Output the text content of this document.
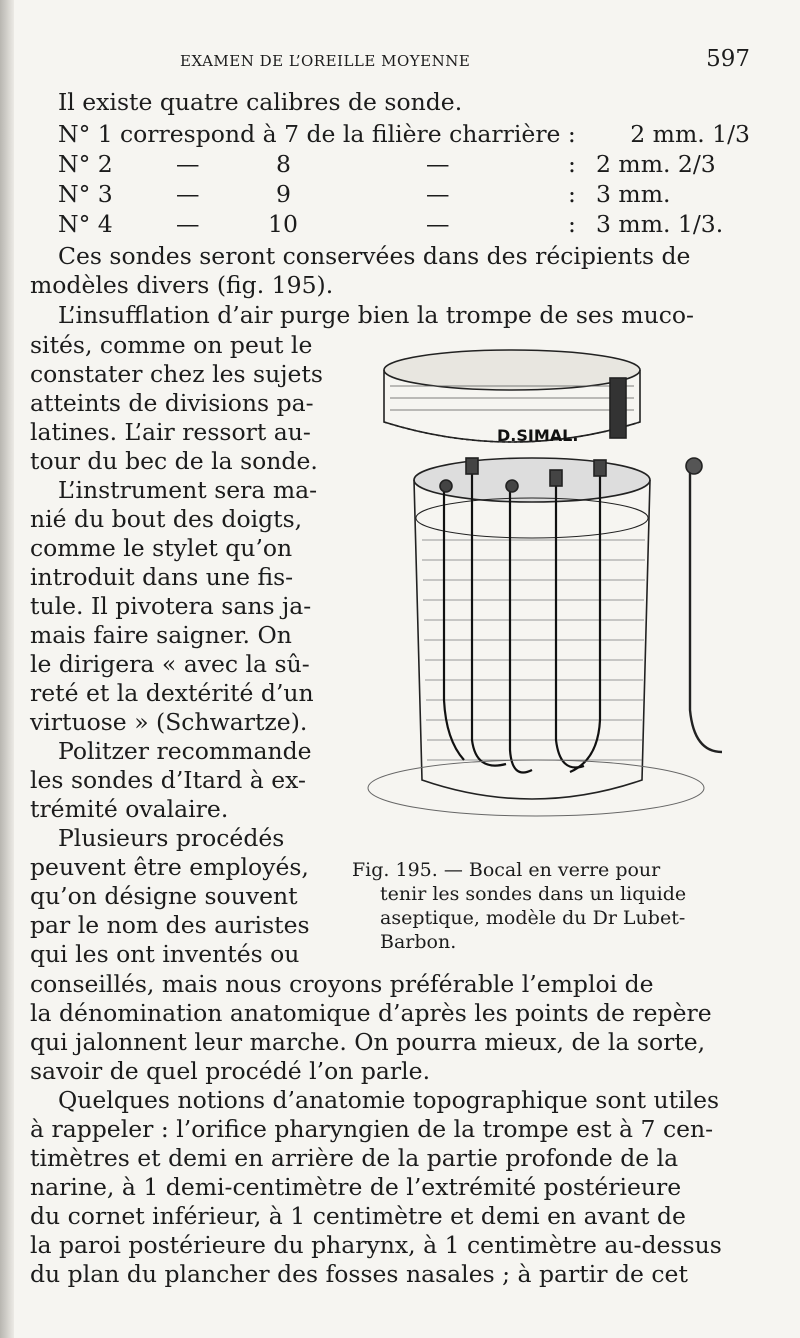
EXAMEN DE L’OREILLE MOYENNE	597
Il existe quatre calibres de sonde.
N° 1 correspond à 7 de la filière charrière :	2 mm. 1/3
N° 2	—	8	—	: 2 mm. 2/3
N° 3	—	9	—	: 3 mm.
N° 4	—	10	—	: 3 mm. 1/3.
Ces sondes seront conservées dans des récipients de
modèles divers (fig. 195).
L’insufflation d’air purge bien la trompe de ses muco-
sités, comme on peut le
constater chez les sujets
atteints de divisions pa-
latines. L’air ressort au-
tour du bec de la sonde.
L’instrument sera ma-
nié du bout des doigts,
comme le stylet qu’on
introduit dans une fis-
tule. Il pivotera sans ja-
mais faire saigner. On
le dirigera « avec la sû-
reté et la dextérité d’un
virtuose » (Schwartze).
Politzer recommande
les sondes d’Itard à ex-
trémité ovalaire.
Plusieurs procédés
peuvent être employés,
qu’on désigne souvent
par le nom des auristes
qui les ont inventés ou
D.SIMAL.
Fig. 195. — Bocal en verre pour
tenir les sondes dans un liquide
aseptique, modèle du Dr Lubet-
Barbon.
conseillés, mais nous croyons préférable l’emploi de
la dénomination anatomique d’après les points de repère
qui jalonnent leur marche. On pourra mieux, de la sorte,
savoir de quel procédé l’on parle.
Quelques notions d’anatomie topographique sont utiles
à rappeler : l’orifice pharyngien de la trompe est à 7 cen-
timètres et demi en arrière de la partie profonde de la
narine, à 1 demi-centimètre de l’extrémité postérieure
du cornet inférieur, à 1 centimètre et demi en avant de
la paroi postérieure du pharynx, à 1 centimètre au-dessus
du plan du plancher des fosses nasales ; à partir de cet
